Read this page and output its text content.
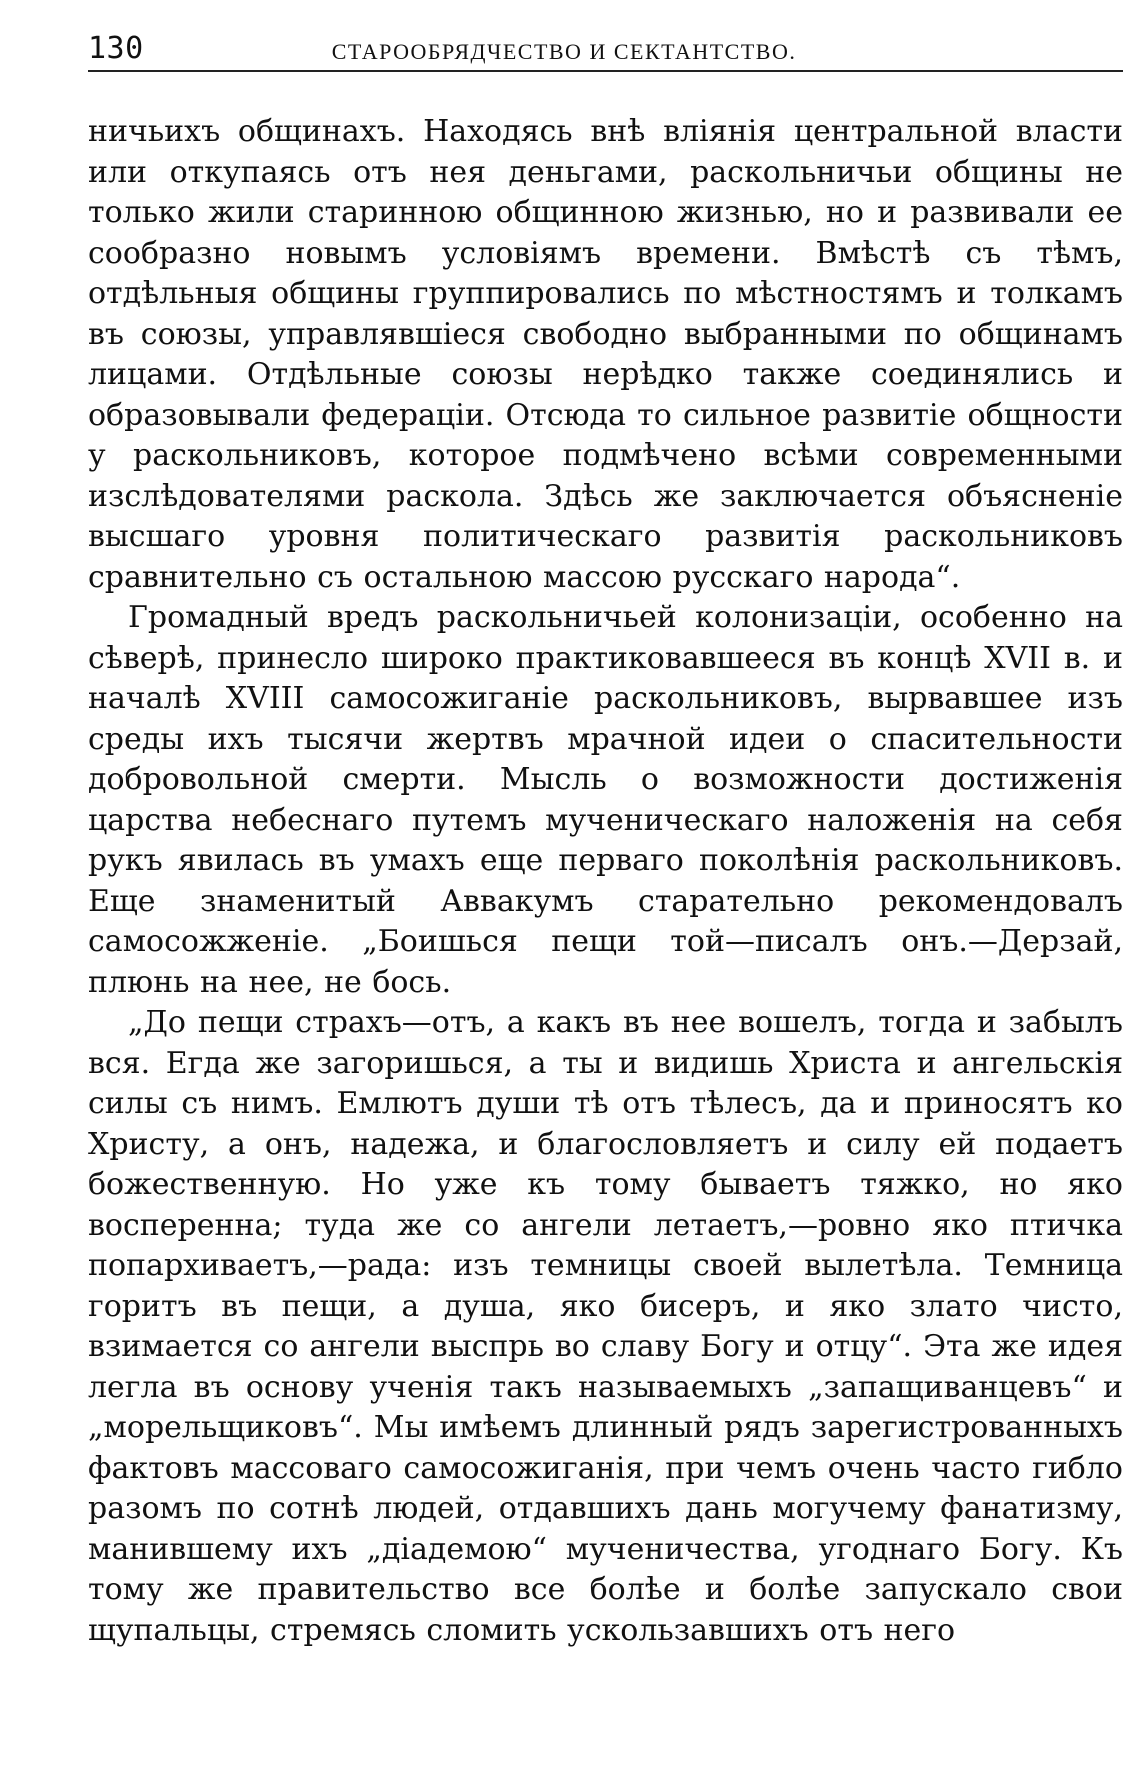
130	СТАРООБРЯДЧЕСТВО И СЕКТАНТСТВО.

ничьихъ общинахъ. Находясь внѣ вліянія центральной власти или откупаясь отъ нея деньгами, раскольничьи общины не только жили старинною общинною жизнью, но и развивали ее сообразно новымъ условіямъ времени. Вмѣстѣ съ тѣмъ, отдѣльныя общины группировались по мѣстностямъ и толкамъ въ союзы, управлявшіеся свободно выбранными по общинамъ лицами. Отдѣльные союзы нерѣдко также соединялись и образовывали федераціи. Отсюда то сильное развитіе общности у раскольниковъ, которое подмѣчено всѣми современными изслѣдователями раскола. Здѣсь же заключается объясненіе высшаго уровня политическаго развитія раскольниковъ сравнительно съ остальною массою русскаго народа“.

Громадный вредъ раскольничьей колонизаціи, особенно на сѣверѣ, принесло широко практиковавшееся въ концѣ XVII в. и началѣ XVIII самосожиганіе раскольниковъ, вырвавшее изъ среды ихъ тысячи жертвъ мрачной идеи о спасительности добровольной смерти. Мысль о возможности достиженія царства небеснаго путемъ мученическаго наложенія на себя рукъ явилась въ умахъ еще перваго поколѣнія раскольниковъ. Еще знаменитый Аввакумъ старательно рекомендовалъ самосожженіе. „Боишься пещи той—писалъ онъ.—Дерзай, плюнь на нее, не бось.

„До пещи страхъ—отъ, а какъ въ нее вошелъ, тогда и забылъ вся. Егда же загоришься, а ты и видишь Христа и ангельскія силы съ нимъ. Емлютъ души тѣ отъ тѣлесъ, да и приносятъ ко Христу, а онъ, надежа, и благословляетъ и силу ей подаетъ божественную. Но уже къ тому бываетъ тяжко, но яко восперенна; туда же со ангели летаетъ,—ровно яко птичка попархиваетъ,—рада: изъ темницы своей вылетѣла. Темница горитъ въ пещи, а душа, яко бисеръ, и яко злато чисто, взимается со ангели выспрь во славу Богу и отцу“. Эта же идея легла въ основу ученія такъ называемыхъ „запащиванцевъ“ и „морельщиковъ“. Мы имѣемъ длинный рядъ зарегистрованныхъ фактовъ массоваго самосожиганія, при чемъ очень часто гибло разомъ по сотнѣ людей, отдавшихъ дань могучему фанатизму, манившему ихъ „діадемою“ мученичества, угоднаго Богу. Къ тому же правительство все болѣе и болѣе запускало свои щупальцы, стремясь сломить ускользавшихъ отъ него
